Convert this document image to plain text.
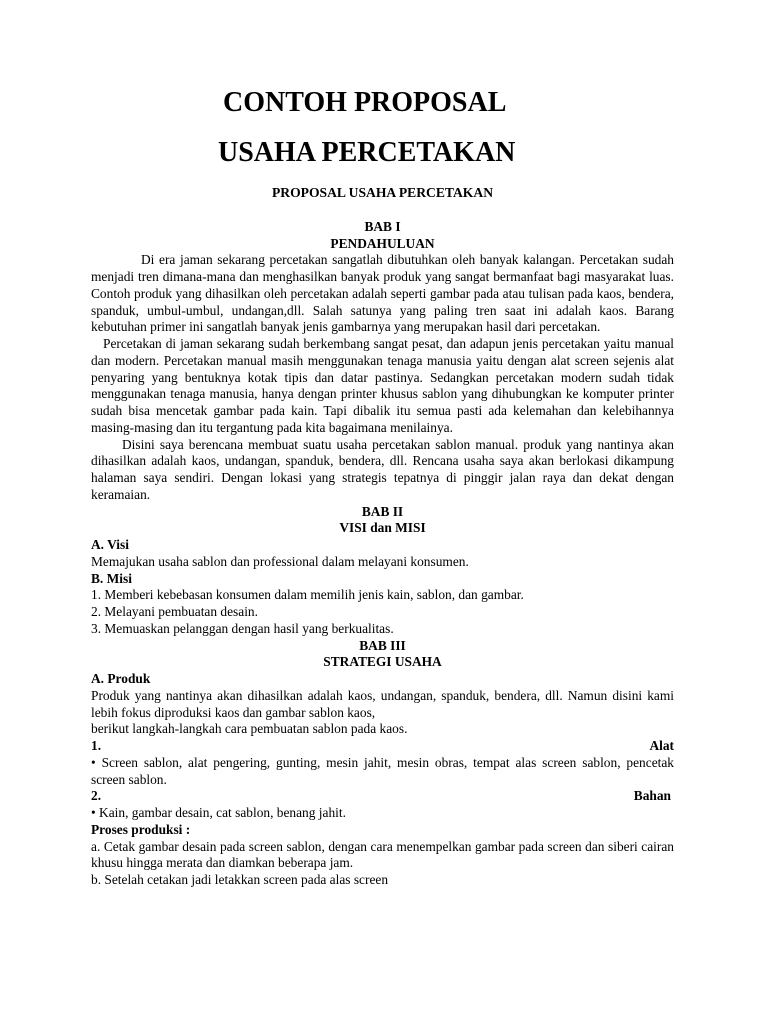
CONTOH PROPOSAL
USAHA PERCETAKAN
PROPOSAL USAHA PERCETAKAN
BAB I
PENDAHULUAN

Di era jaman sekarang percetakan sangatlah dibutuhkan oleh banyak kalangan. Percetakan sudah menjadi tren dimana-mana dan menghasilkan banyak produk yang sangat bermanfaat bagi masyarakat luas. Contoh produk yang dihasilkan oleh percetakan adalah seperti gambar pada atau tulisan pada kaos, bendera, spanduk, umbul-umbul, undangan,dll. Salah satunya yang paling tren saat ini adalah kaos. Barang kebutuhan primer ini sangatlah banyak jenis gambarnya yang merupakan hasil dari percetakan.

Percetakan di jaman sekarang sudah berkembang sangat pesat, dan adapun jenis percetakan yaitu manual dan modern. Percetakan manual masih menggunakan tenaga manusia yaitu dengan alat screen sejenis alat penyaring yang bentuknya kotak tipis dan datar pastinya. Sedangkan percetakan modern sudah tidak menggunakan tenaga manusia, hanya dengan printer khusus sablon yang dihubungkan ke komputer printer sudah bisa mencetak gambar pada kain. Tapi dibalik itu semua pasti ada kelemahan dan kelebihannya masing-masing dan itu tergantung pada kita bagaimana menilainya.

Disini saya berencana membuat suatu usaha percetakan sablon manual. produk yang nantinya akan dihasilkan adalah kaos, undangan, spanduk, bendera, dll. Rencana usaha saya akan berlokasi dikampung halaman saya sendiri. Dengan lokasi yang strategis tepatnya di pinggir jalan raya dan dekat dengan keramaian.

BAB II
VISI dan MISI
A. Visi

Memajukan usaha sablon dan professional dalam melayani konsumen.

B. Misi

1. Memberi kebebasan konsumen dalam memilih jenis kain, sablon, dan gambar.

2. Melayani pembuatan desain.

3. Memuaskan pelanggan dengan hasil yang berkualitas.

BAB III
STRATEGI USAHA
A. Produk

Produk yang nantinya akan dihasilkan adalah kaos, undangan, spanduk, bendera, dll. Namun disini kami lebih fokus diproduksi kaos dan gambar sablon kaos,

berikut langkah-langkah cara pembuatan sablon pada kaos.

1.	Alat

• Screen sablon, alat pengering, gunting, mesin jahit, mesin obras, tempat alas screen sablon, pencetak screen sablon.

2.	Bahan

• Kain, gambar desain, cat sablon, benang jahit.

Proses produksi :

a. Cetak gambar desain pada screen sablon, dengan cara menempelkan gambar pada screen dan siberi cairan khusu hingga merata dan diamkan beberapa jam.

b. Setelah cetakan jadi letakkan screen pada alas screen
